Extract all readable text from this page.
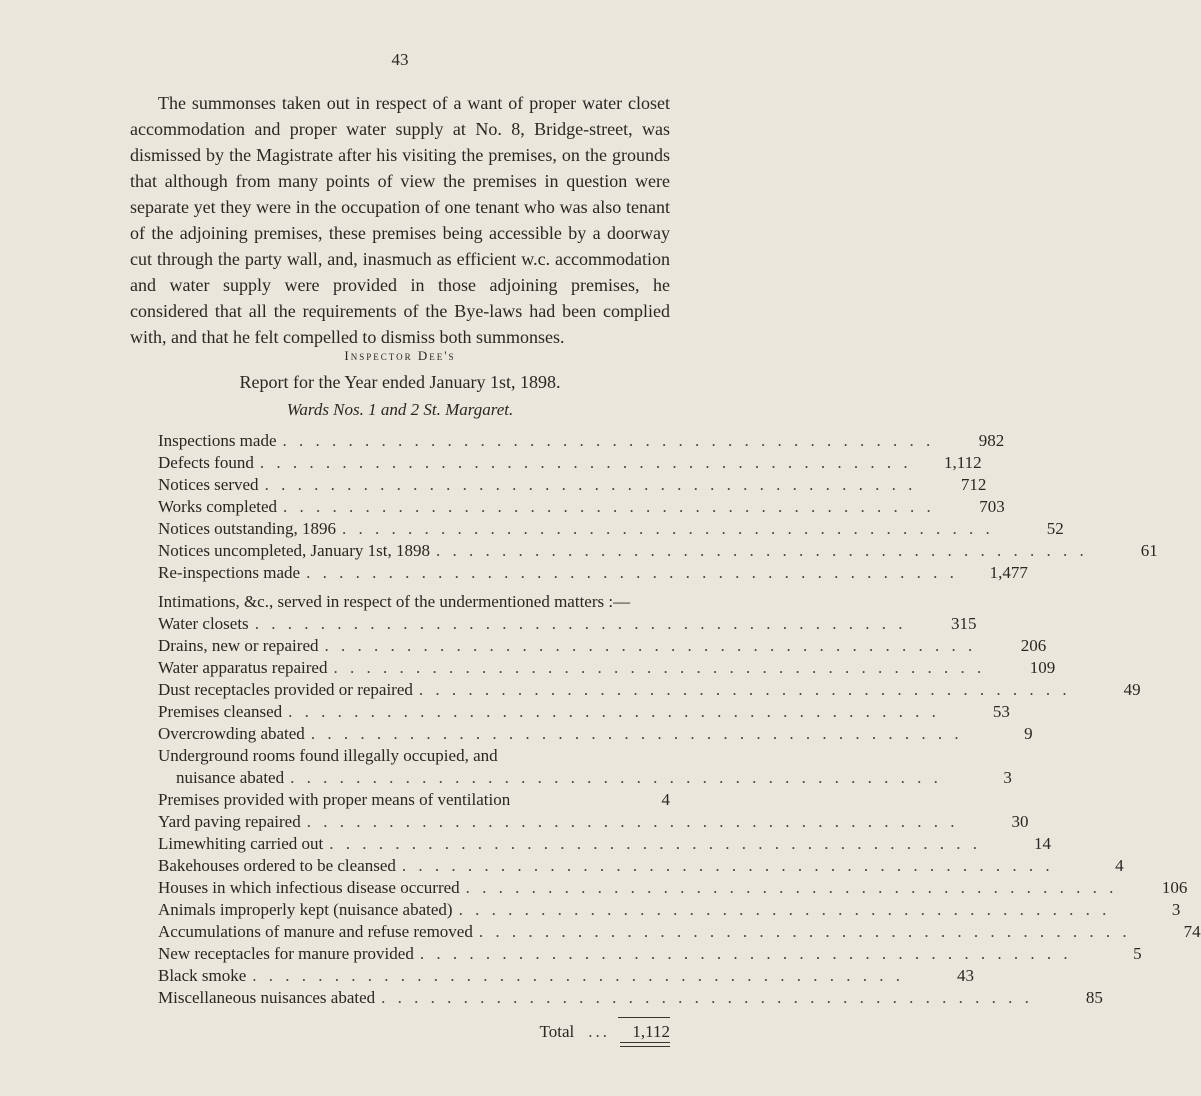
43

The summonses taken out in respect of a want of proper water closet accommodation and proper water supply at No. 8, Bridge-street, was dismissed by the Magistrate after his visiting the premises, on the grounds that although from many points of view the premises in question were separate yet they were in the occupation of one tenant who was also tenant of the adjoining premises, these premises being accessible by a doorway cut through the party wall, and, inasmuch as efficient w.c. accommodation and water supply were provided in those adjoining premises, he considered that all the requirements of the Bye-laws had been complied with, and that he felt compelled to dismiss both summonses.

Inspector Dee's
Report for the Year ended January 1st, 1898.
Wards Nos. 1 and 2 St. Margaret.
Inspections made . . . . . . . . . . . . . . . . . . . . . . . . . . . . . . . . . . . . . . . .	982
Defects found . . . . . . . . . . . . . . . . . . . . . . . . . . . . . . . . . . . . . . . .	1,112
Notices served . . . . . . . . . . . . . . . . . . . . . . . . . . . . . . . . . . . . . . . .	712
Works completed . . . . . . . . . . . . . . . . . . . . . . . . . . . . . . . . . . . . . . . .	703
Notices outstanding, 1896 . . . . . . . . . . . . . . . . . . . . . . . . . . . . . . . . . . . . . . . .	52
Notices uncompleted, January 1st, 1898 . . . . . . . . . . . . . . . . . . . . . . . . . . . . . . . . . . . . . . . .	61
Re-inspections made . . . . . . . . . . . . . . . . . . . . . . . . . . . . . . . . . . . . . . . .	1,477
Intimations, &c., served in respect of the undermentioned matters :—
Water closets . . . . . . . . . . . . . . . . . . . . . . . . . . . . . . . . . . . . . . . .	315
Drains, new or repaired . . . . . . . . . . . . . . . . . . . . . . . . . . . . . . . . . . . . . . . .	206
Water apparatus repaired . . . . . . . . . . . . . . . . . . . . . . . . . . . . . . . . . . . . . . . .	109
Dust receptacles provided or repaired . . . . . . . . . . . . . . . . . . . . . . . . . . . . . . . . . . . . . . . .	49
Premises cleansed . . . . . . . . . . . . . . . . . . . . . . . . . . . . . . . . . . . . . . . .	53
Overcrowding abated . . . . . . . . . . . . . . . . . . . . . . . . . . . . . . . . . . . . . . . .	9
Underground rooms found illegally occupied, and
nuisance abated . . . . . . . . . . . . . . . . . . . . . . . . . . . . . . . . . . . . . . . .	3
Premises provided with proper means of ventilation	4
Yard paving repaired . . . . . . . . . . . . . . . . . . . . . . . . . . . . . . . . . . . . . . . .	30
Limewhiting carried out . . . . . . . . . . . . . . . . . . . . . . . . . . . . . . . . . . . . . . . .	14
Bakehouses ordered to be cleansed . . . . . . . . . . . . . . . . . . . . . . . . . . . . . . . . . . . . . . . .	4
Houses in which infectious disease occurred . . . . . . . . . . . . . . . . . . . . . . . . . . . . . . . . . . . . . . . .	106
Animals improperly kept (nuisance abated) . . . . . . . . . . . . . . . . . . . . . . . . . . . . . . . . . . . . . . . .	3
Accumulations of manure and refuse removed . . . . . . . . . . . . . . . . . . . . . . . . . . . . . . . . . . . . . . . .	74
New receptacles for manure provided . . . . . . . . . . . . . . . . . . . . . . . . . . . . . . . . . . . . . . . .	5
Black smoke . . . . . . . . . . . . . . . . . . . . . . . . . . . . . . . . . . . . . . . .	43
Miscellaneous nuisances abated . . . . . . . . . . . . . . . . . . . . . . . . . . . . . . . . . . . . . . . .	85
Total ...	1,112
